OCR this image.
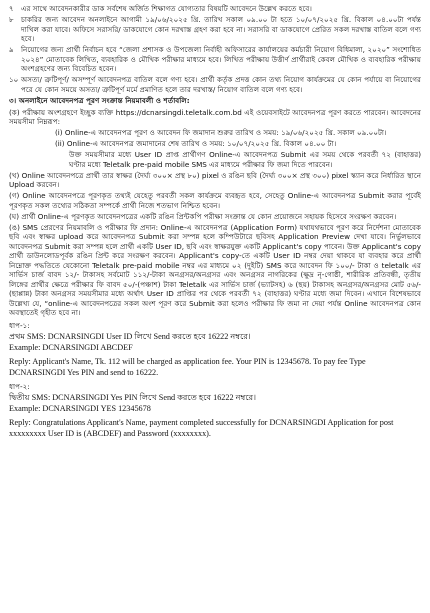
৭	এর সাথে আবেদনকারীর ডাক সর্বশেষ অর্জিত শিক্ষাগত যোগ্যতার বিষয়টি আবেদনে উল্লেখ করতে হবে।

৮	চাকরির জন্য আবেদন অনলাইনে আগামী ১৯/০৬/২০২৫ খ্রি. তারিখ সকাল ০৯.০০ টা হতে ১০/০৭/২০২৫ খ্রি. বিকাল ০৪.০০টা পর্যন্ত দাখিল করা যাবে। অফিসে সরাসরি/ ডাকযোগে কোন দরখাস্ত গ্রহণ করা হবে না। সরাসরি বা ডাকযোগে প্রেরিত সকল দরখাস্ত বাতিল বলে গণ্য হবে।

৯	নিয়োগের জন্য প্রার্থী নির্বাচন হবে “জেলা প্রশাসক ও উপজেলা নির্বাহী অফিসারের কার্যালয়ের কর্মচারী নিয়োগ বিধিমালা, ২০২০” সংশোধিত ২০২৪” মোতাবেক লিখিত, ব্যবহারিক ও মৌখিক পরীক্ষার মাধ্যমে হবে। লিখিত পরীক্ষায় উত্তীর্ণ প্রার্থীরাই কেবল মৌখিক ও ব্যবহারিক পরীক্ষায় অংশগ্রহণের জন্য বিবেচিত হবেন।

১০ অসত্য/ ত্রুটিপূর্ণ/ অসম্পূর্ণ আবেদনপত্র বাতিল বলে গণ্য হবে। প্রার্থী কর্তৃক প্রদত্ত কোন তথ্য নিয়োগ কার্যক্রমের যে কোন পর্যায়ে বা নিয়োগের পরে যে কোন সময়ে অসত্য/ ত্রুটিপূর্ণ মর্মে প্রমাণিত হলে তার দরখাস্ত/ নিয়োগ বাতিল বলে গণ্য হবে।

৩। অনলাইনে আবেদনপত্র পূরণ সংক্রান্ত নিয়মাবলী ও শর্তাবলি:

(ক) পরীক্ষায় অংশগ্রহণে ইচ্ছুক ব্যক্তি https://dcnarsingdi.teletalk.com.bd এই ওয়েবসাইটে আবেদনপত্র পূরণ করতে পারবেন। আবেদনের সময়সীমা নিম্নরূপ:

(i) Online-এ আবেদনপত্র পূরণ ও আবেদন ফি জমাদান শুরুর তারিখ ও সময়: ১৯/০৬/২০২৫ খ্রি. সকাল ০৯.০০টা।

(ii) Online-এ আবেদনপত্র জমাদানের শেষ তারিখ ও সময়: ১০/০৭/২০২৫ খ্রি. বিকাল ০৪.০০ টা।

উক্ত সময়সীমার মধ্যে User ID প্রাপ্ত প্রার্থীগণ Online-এ আবেদনপত্র Submit এর সময় থেকে পরবর্তী ৭২ (বাহাত্তর) ঘণ্টার মধ্যে Teletalk pre-paid mobile SMS এর মাধ্যমে পরীক্ষার ফি জমা দিতে পারবেন।

(খ) Online আবেদনপত্রে প্রার্থী তার স্বাক্ষর (দৈর্ঘ্য ৩০০× প্রস্থ ৮০) pixel ও রঙিন ছবি (দৈর্ঘ্য ৩০০× প্রস্থ ৩০০) pixel স্ক্যান করে নির্ধারিত স্থানে Upload করবেন।

(গ) Online আবেদনপত্রে পূরণকৃত তথ্যই যেহেতু পরবর্তী সকল কার্যক্রমে ব্যবহৃত হবে, সেহেতু Online-এ আবেদনপত্র Submit করার পূর্বেই পূরণকৃত সকল তথ্যের সঠিকতা সম্পর্কে প্রার্থী নিজে শতভাগ নিশ্চিত হবেন।

(ঘ) প্রার্থী Online-এ পূরণকৃত আবেদনপত্রের একটি রঙিন প্রিন্টকপি পরীক্ষা সংক্রান্ত যে কোন প্রয়োজনে সহায়ক হিসেবে সংরক্ষণ করবেন।

(ঙ) SMS প্রেরণের নিয়মাবলি ও পরীক্ষার ফি প্রদান: Online-এ আবেদনপত্র (Application Form) যথাযথভাবে পূরণ করে নির্দেশনা মোতাবেক ছবি এবং স্বাক্ষর upload করে আবেদনপত্র Submit করা সম্পন্ন হলে কম্পিউটারে ছবিসহ Application Preview দেখা যাবে। নির্ভুলভাবে আবেদনপত্র Submit করা সম্পন্ন হলে প্রার্থী একটি User ID, ছবি এবং স্বাক্ষরযুক্ত একটি Applicant's copy পাবেন। উক্ত Applicant's copy প্রার্থী ডাউনলোডপূর্বক রঙিন প্রিন্ট করে সংরক্ষণ করবেন। Applicant's copy-তে একটি User ID নম্বর দেয়া থাকবে যা ব্যবহার করে প্রার্থী নিম্নোক্ত পদ্ধতিতে যেকোনো Teletalk pre-paid mobile নম্বর এর মাধ্যমে ০২ (দুইটি) SMS করে আবেদন ফি ১০০/- টাকা ও teletalk এর সার্ভিস চার্জ বাবদ ১২/- টাকাসহ সর্বমোট ১১২/-টাকা অনগ্রসর/অনগ্রসর এবং অনগ্রসর নাগরিকের (ক্ষুদ্র নৃ-গোষ্ঠী, শারীরিক প্রতিবন্ধী, তৃতীয় লিঙ্গের প্রার্থীর ক্ষেত্রে পরীক্ষার ফি বাবদ ৫০/-(পঞ্চাশ) টাকা Teletalk এর সার্ভিস চার্জ (ভ্যাটসহ) ৬ (ছয়) টাকাসহ অনগ্রসর/অনগ্রসর মোট ৫৬/-(ছাপ্পান্ন) টাকা অনগ্রসর সময়সীমার মধ্যে অর্থাৎ User ID প্রাপ্তির পর থেকে পরবর্তী ৭২ (বাহাত্তর) ঘণ্টার মধ্যে জমা দিবেন। এখানে বিশেষভাবে উল্লেখ্য যে, “online-এ আবেদনপত্রের সকল অংশ পূরণ করে Submit করা হলেও পরীক্ষার ফি জমা না দেয়া পর্যন্ত Online আবেদনপত্র কোন অবস্থাতেই গৃহীত হবে না।

ধাপ-১:

প্রথম SMS: DCNARSINGDI User ID লিখে Send করতে হবে 16222 নম্বরে।

Example: DCNARSINGDI ABCDEF

Reply: Applicant's Name, Tk. 112 will be charged as application fee. Your PIN is 12345678. To pay fee Type DCNARSINGDI Yes PIN and send to 16222.

ধাপ-২:

দ্বিতীয় SMS: DCNARSINGDI Yes PIN লিখে Send করতে হবে 16222 নম্বরে।

Example: DCNARSINGDI YES 12345678

Reply: Congratulations Applicant's Name, payment completed successfully for DCNARSINGDI Application for post xxxxxxxxx User ID is (ABCDEF) and Password (xxxxxxxx).
